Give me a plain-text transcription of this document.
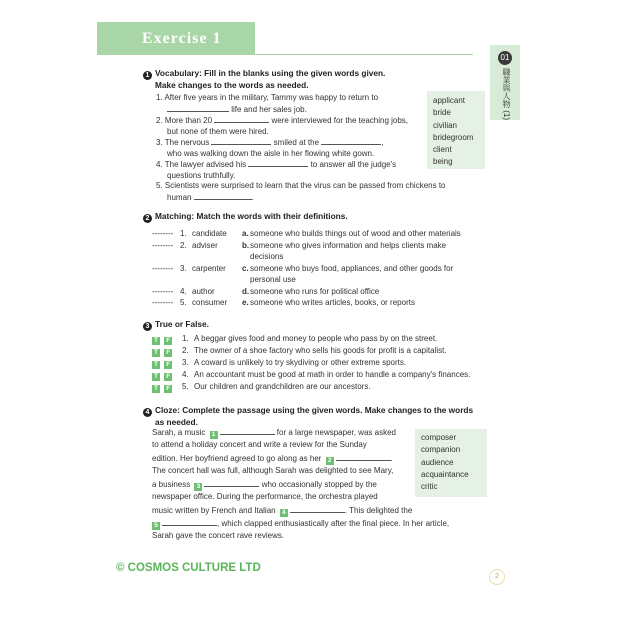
Exercise 1
01
職業與人物 (1)
1 Vocabulary: Fill in the blanks using the given words given.
Make changes to the words as needed.
1. After five years in the military, Tammy was happy to return to
life and her sales job.
2. More than 20	were interviewed for the teaching jobs,
but none of them were hired.
3. The nervous	smiled at the	,
who was walking down the aisle in her flowing white gown.
4. The lawyer advised his	to answer all the judge's
questions truthfully.
5. Scientists were surprised to learn that the virus can be passed from chickens to
human	.
applicant
bride
civilian
bridegroom
client
being
2 Matching: Match the words with their definitions.
-------- 1. candidate a. someone who builds things out of wood and other materials
-------- 2. adviser	b. someone who gives information and helps clients make
decisions
-------- 3. carpenter c. someone who buys food, appliances, and other goods for
personal use
-------- 4. author	d. someone who runs for political office
-------- 5. consumer e. someone who writes articles, books, or reports
3 True or False.
T F 1. A beggar gives food and money to people who pass by on the street.
T F 2. The owner of a shoe factory who sells his goods for profit is a capitalist.
T F 3. A coward is unlikely to try skydiving or other extreme sports.
T F 4. An accountant must be good at math in order to handle a company's finances.
T F 5. Our children and grandchildren are our ancestors.
4 Cloze: Complete the passage using the given words. Make changes to the words
as needed.
Sarah, a music 1	for a large newspaper, was asked
to attend a holiday concert and write a review for the Sunday
edition. Her boyfriend agreed to go along as her 2	.
The concert hall was full, although Sarah was delighted to see Mary,
a business 3	who occasionally stopped by the
newspaper office. During the performance, the orchestra played
music written by French and Italian 4	. This delighted the
5	, which clapped enthusiastically after the final piece. In her article,
Sarah gave the concert rave reviews.
composer
companion
audience
acquaintance
critic
© COSMOS CULTURE LTD
2
